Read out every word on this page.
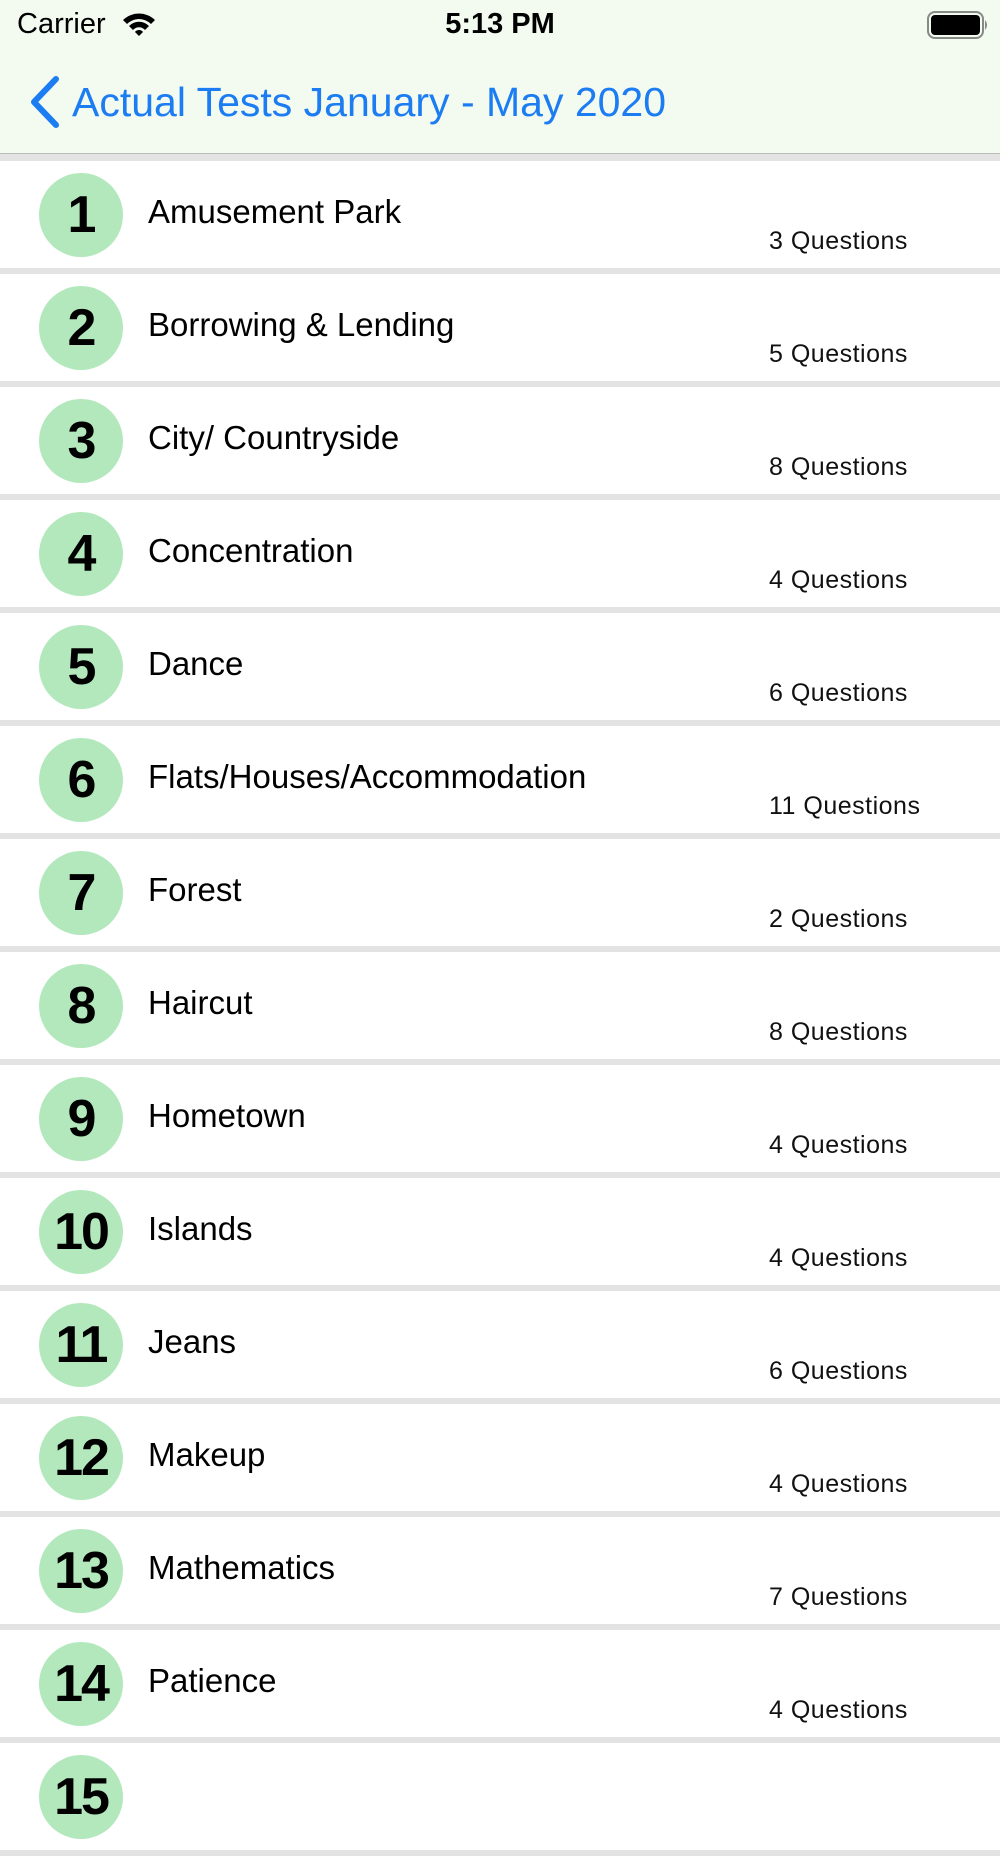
Carrier	5:13 PM
Actual Tests January - May 2020
1	Amusement Park
3 Questions
2	Borrowing & Lending
5 Questions
3	City/ Countryside
8 Questions
4	Concentration
4 Questions
5	Dance
6 Questions
6	Flats/Houses/Accommodation
11 Questions
7	Forest
2 Questions
8	Haircut
8 Questions
9	Hometown
4 Questions
10	Islands
4 Questions
11	Jeans
6 Questions
12	Makeup
4 Questions
13	Mathematics
7 Questions
14	Patience
4 Questions
15
